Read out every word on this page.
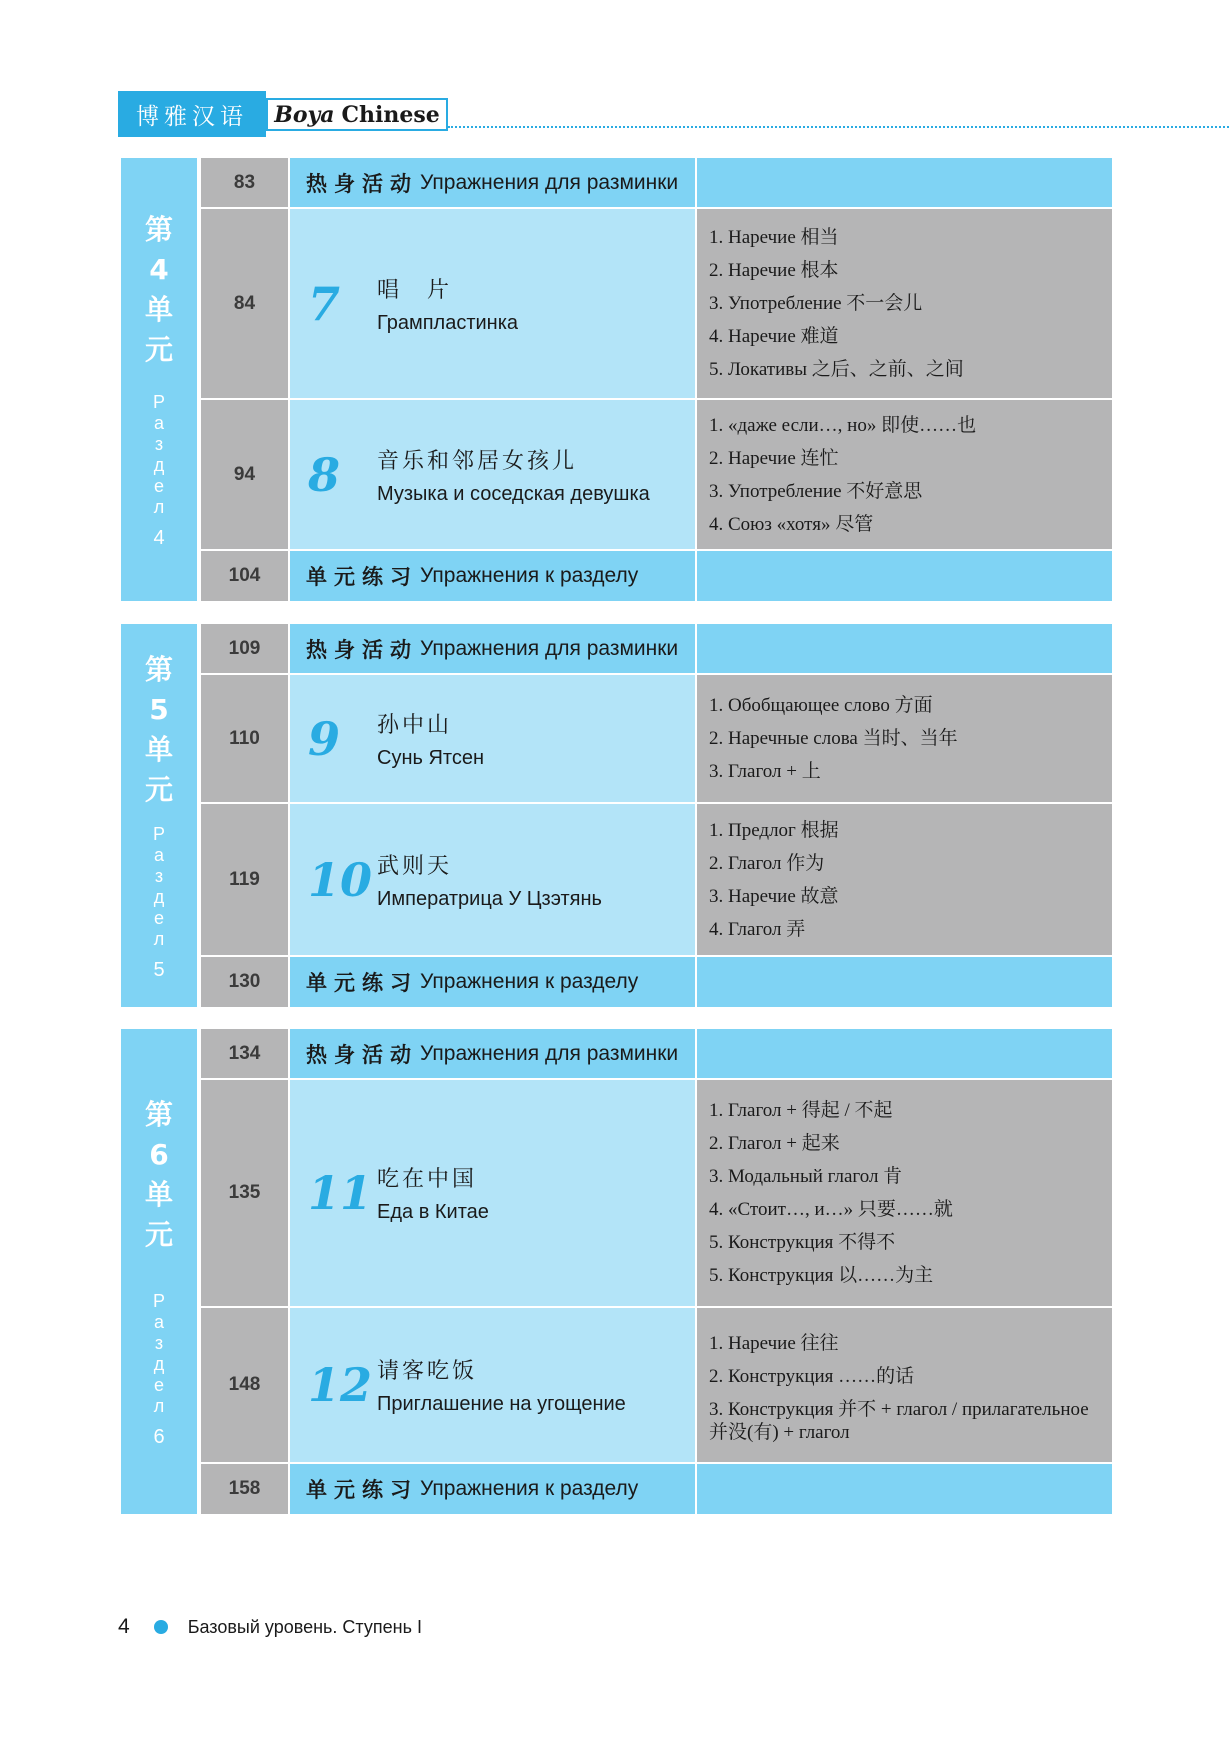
博雅汉语	Boya Chinese
第
4
单
元
Р
а
з
д
е
л
4
83	热身活动 Упражнения для разминки
84	7 唱　片
Грампластинка
1. Наречие 相当
2. Наречие 根本
3. Употребление 不一会儿
4. Наречие 难道
5. Локативы 之后、之前、之间
94	8 音乐和邻居女孩儿
Музыка и соседская девушка
1. «даже если…, но» 即使……也
2. Наречие 连忙
3. Употребление 不好意思
4. Союз «хотя» 尽管
104	单元练习 Упражнения к разделу
第
5
单
元
Р
а
з
д
е
л
5
109	热身活动 Упражнения для разминки
110	9 孙中山
Сунь Ятсен
1. Обобщающее слово 方面
2. Наречные слова 当时、当年
3. Глагол + 上
119	10 武则天
Императрица У Цзэтянь
1. Предлог 根据
2. Глагол 作为
3. Наречие 故意
4. Глагол 弄
130	单元练习 Упражнения к разделу
第
6
单
元
Р
а
з
д
е
л
6
134	热身活动 Упражнения для разминки
135	11 吃在中国
Еда в Китае
1. Глагол + 得起 / 不起
2. Глагол + 起来
3. Модальный глагол 肯
4. «Стоит…, и…» 只要……就
5. Конструкция 不得不
5. Конструкция 以……为主
148	12 请客吃饭
Приглашение на угощение
1. Наречие 往往
2. Конструкция ……的话
3. Конструкция 并不 + глагол / прилагательное 并没(有) + глагол
158	单元练习 Упражнения к разделу
4	Базовый уровень. Ступень I
